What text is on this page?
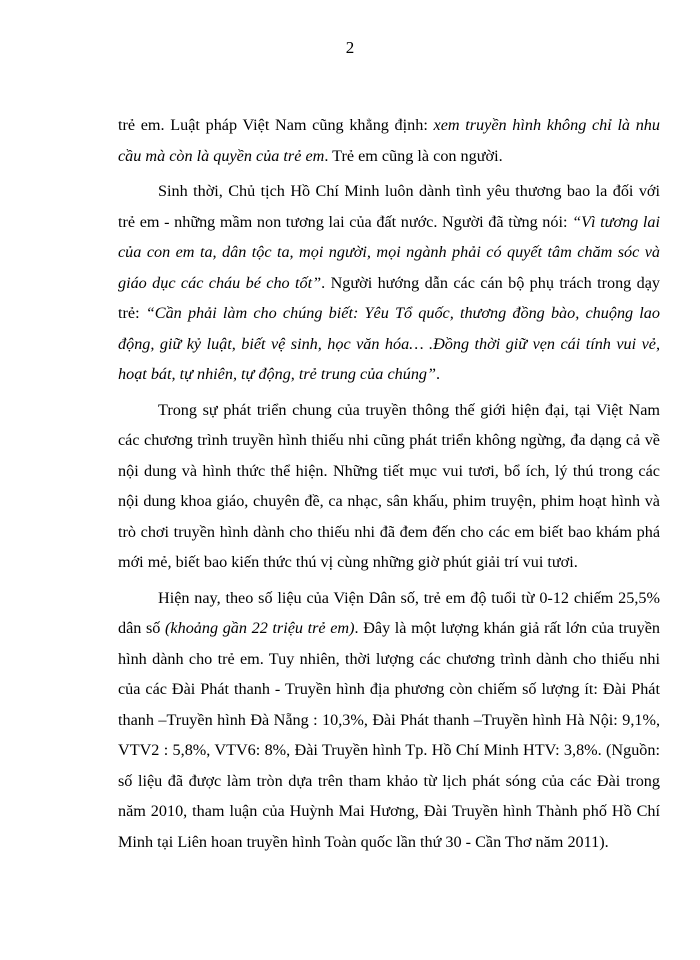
2

trẻ em. Luật pháp Việt Nam cũng khẳng định: xem truyền hình không chỉ là nhu cầu mà còn là quyền của trẻ em. Trẻ em cũng là con người.

Sinh thời, Chủ tịch Hồ Chí Minh luôn dành tình yêu thương bao la đối với trẻ em - những mầm non tương lai của đất nước. Người đã từng nói: “Vì tương lai của con em ta, dân tộc ta, mọi người, mọi ngành phải có quyết tâm chăm sóc và giáo dục các cháu bé cho tốt”. Người hướng dẫn các cán bộ phụ trách trong dạy trẻ: “Cần phải làm cho chúng biết: Yêu Tổ quốc, thương đồng bào, chuộng lao động, giữ kỷ luật, biết vệ sinh, học văn hóa… .Đồng thời giữ vẹn cái tính vui vẻ, hoạt bát, tự nhiên, tự động, trẻ trung của chúng”.

Trong sự phát triển chung của truyền thông thế giới hiện đại, tại Việt Nam các chương trình truyền hình thiếu nhi cũng phát triển không ngừng, đa dạng cả về nội dung và hình thức thể hiện. Những tiết mục vui tươi, bổ ích, lý thú trong các nội dung khoa giáo, chuyên đề, ca nhạc, sân khấu, phim truyện, phim hoạt hình và trò chơi truyền hình dành cho thiếu nhi đã đem đến cho các em biết bao khám phá mới mẻ, biết bao kiến thức thú vị cùng những giờ phút giải trí vui tươi.

Hiện nay, theo số liệu của Viện Dân số, trẻ em độ tuổi từ 0-12 chiếm 25,5% dân số (khoảng gần 22 triệu trẻ em). Đây là một lượng khán giả rất lớn của truyền hình dành cho trẻ em. Tuy nhiên, thời lượng các chương trình dành cho thiếu nhi của các Đài Phát thanh - Truyền hình địa phương còn chiếm số lượng ít: Đài Phát thanh –Truyền hình Đà Nẵng : 10,3%, Đài Phát thanh –Truyền hình Hà Nội: 9,1%, VTV2 : 5,8%, VTV6: 8%, Đài Truyền hình Tp. Hồ Chí Minh HTV: 3,8%. (Nguồn: số liệu đã được làm tròn dựa trên tham khảo từ lịch phát sóng của các Đài trong năm 2010, tham luận của Huỳnh Mai Hương, Đài Truyền hình Thành phố Hồ Chí Minh tại Liên hoan truyền hình Toàn quốc lần thứ 30 - Cần Thơ năm 2011).
